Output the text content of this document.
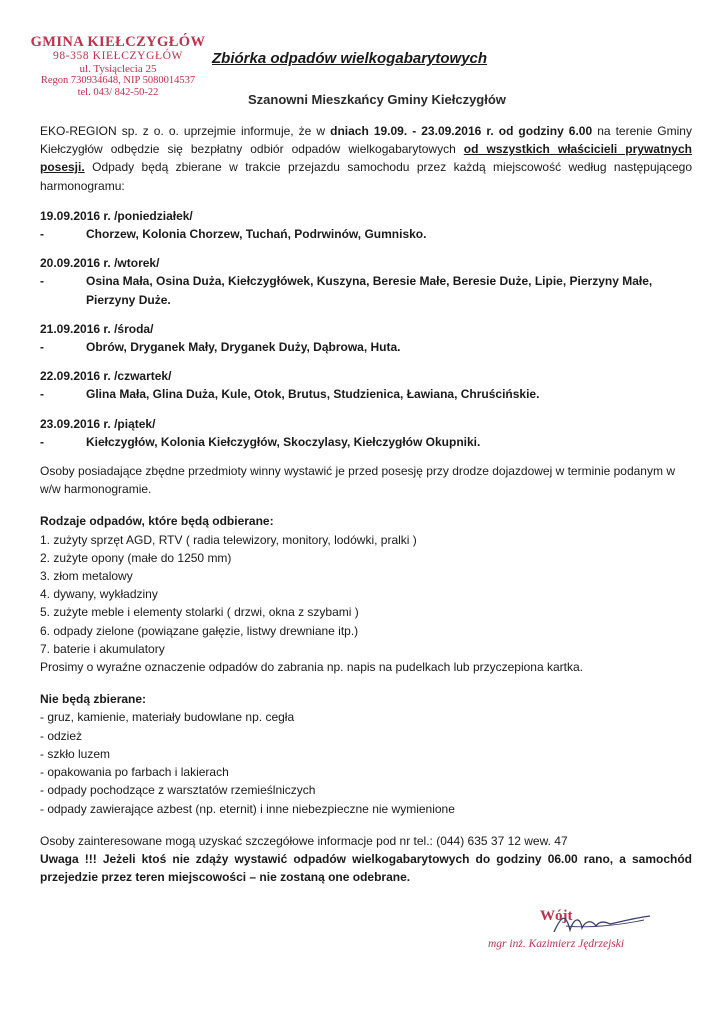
GMINA KIEŁCZYGŁÓW
98-358 KIEŁCZYGŁÓW
ul. Tysiąclecia 25
Regon 730934648, NIP 5080014537
tel. 043/ 842-50-22
Zbiórka odpadów wielkogabarytowych
Szanowni Mieszkańcy Gminy Kiełczygłów

EKO-REGION sp. z o. o. uprzejmie informuje, że w dniach 19.09. - 23.09.2016 r. od godziny 6.00 na terenie Gminy Kiełczygłów odbędzie się bezpłatny odbiór odpadów wielkogabarytowych od wszystkich właścicieli prywatnych posesji. Odpady będą zbierane w trakcie przejazdu samochodu przez każdą miejscowość według następującego harmonogramu:

19.09.2016 r. /poniedziałek/
-	Chorzew, Kolonia Chorzew, Tuchań, Podrwinów, Gumnisko.
20.09.2016 r. /wtorek/
-	Osina Mała, Osina Duża, Kiełczygłówek, Kuszyna, Beresie Małe, Beresie Duże, Lipie, Pierzyny Małe, Pierzyny Duże.
21.09.2016 r. /środa/
-	Obrów, Dryganek Mały, Dryganek Duży, Dąbrowa, Huta.
22.09.2016 r. /czwartek/
-	Glina Mała, Glina Duża, Kule, Otok, Brutus, Studzienica, Ławiana, Chruścińskie.
23.09.2016 r. /piątek/
-	Kiełczygłów, Kolonia Kiełczygłów, Skoczylasy, Kiełczygłów Okupniki.

Osoby posiadające zbędne przedmioty winny wystawić je przed posesję przy drodze dojazdowej w terminie podanym w w/w harmonogramie.

Rodzaje odpadów, które będą odbierane:

1. zużyty sprzęt AGD, RTV ( radia telewizory, monitory, lodówki, pralki )

2. zużyte opony (małe do 1250 mm)

3. złom metalowy

4. dywany, wykładziny

5. zużyte meble i elementy stolarki ( drzwi, okna z szybami )

6. odpady zielone (powiązane gałęzie, listwy drewniane itp.)

7. baterie i akumulatory

Prosimy o wyraźne oznaczenie odpadów do zabrania np. napis na pudelkach lub przyczepiona kartka.

Nie będą zbierane:

- gruz, kamienie, materiały budowlane np. cegła

- odzież

- szkło luzem

- opakowania po farbach i lakierach

- odpady pochodzące z warsztatów rzemieślniczych

- odpady zawierające azbest (np. eternit) i inne niebezpieczne nie wymienione

Osoby zainteresowane mogą uzyskać szczegółowe informacje pod nr tel.: (044) 635 37 12 wew. 47

Uwaga !!! Jeżeli ktoś nie zdąży wystawić odpadów wielkogabarytowych do godziny 06.00 rano, a samochód przejedzie przez teren miejscowości – nie zostaną one odebrane.

Wójt
mgr inż. Kazimierz Jędrzejski
